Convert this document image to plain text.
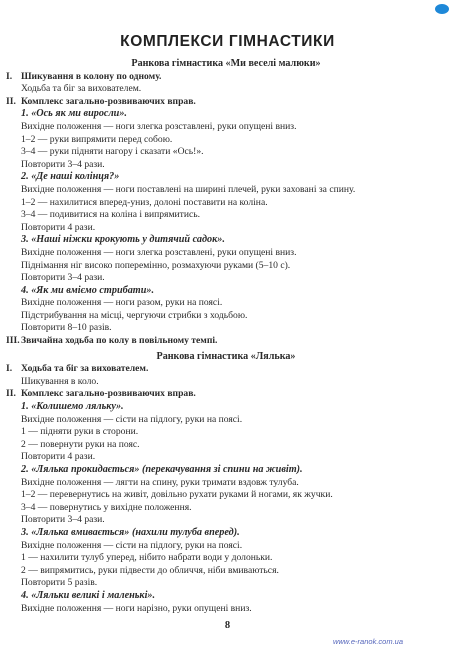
КОМПЛЕКСИ ГІМНАСТИКИ
Ранкова гімнастика «Ми веселі малюки»
I. Шикування в колону по одному.
Ходьба та біг за вихователем.
II. Комплекс загально-розвиваючих вправ.
1. «Ось як ми виросли».
Вихідне положення — ноги злегка розставлені, руки опущені вниз.
1–2 — руки випрямити перед собою.
3–4 — руки підняти нагору і сказати «Ось!».
Повторити 3–4 рази.
2. «Де наші колінця?»
Вихідне положення — ноги поставлені на ширині плечей, руки заховані за спину.
1–2 — нахилитися вперед-униз, долоні поставити на коліна.
3–4 — подивитися на коліна і випрямитись.
Повторити 4 рази.
3. «Наші ніжки крокують у дитячий садок».
Вихідне положення — ноги злегка розставлені, руки опущені вниз.
Піднімання ніг високо поперемінно, розмахуючи руками (5–10 с).
Повторити 3–4 рази.
4. «Як ми вміємо стрибати».
Вихідне положення — ноги разом, руки на поясі.
Підстрибування на місці, чергуючи стрибки з ходьбою.
Повторити 8–10 разів.
III. Звичайна ходьба по колу в повільному темпі.
Ранкова гімнастика «Лялька»
I. Ходьба та біг за вихователем.
Шикування в коло.
II. Комплекс загально-розвиваючих вправ.
1. «Колишемо ляльку».
Вихідне положення — сісти на підлогу, руки на поясі.
1 — підняти руки в сторони.
2 — повернути руки на пояс.
Повторити 4 рази.
2. «Лялька прокидається» (перекачування зі спини на живіт).
Вихідне положення — лягти на спину, руки тримати вздовж тулуба.
1–2 — перевернутись на живіт, довільно рухати руками й ногами, як жучки.
3–4 — повернутись у вихідне положення.
Повторити 3–4 рази.
3. «Лялька вмивається» (нахили тулуба вперед).
Вихідне положення — сісти на підлогу, руки на поясі.
1 — нахилити тулуб уперед, нібито набрати води у долоньки.
2 — випрямитись, руки підвести до обличчя, ніби вмиваються.
Повторити 5 разів.
4. «Ляльки великі і маленькі».
Вихідне положення — ноги нарізно, руки опущені вниз.
8
www.e-ranok.com.ua
